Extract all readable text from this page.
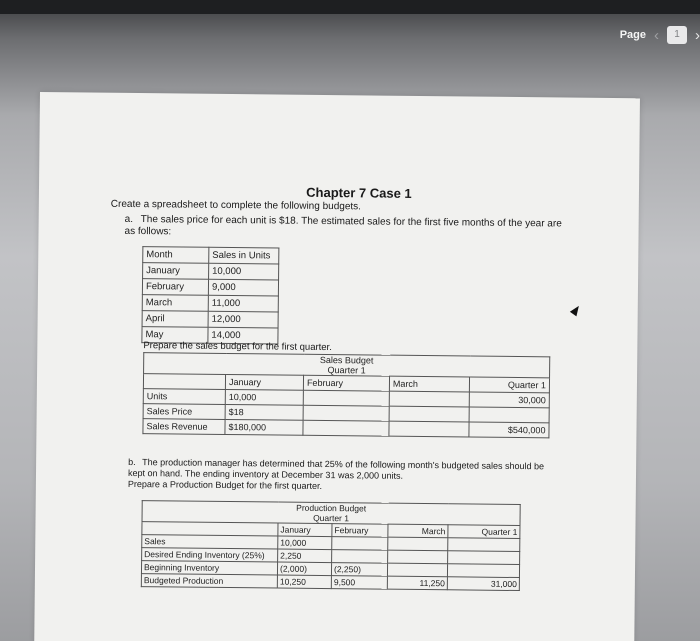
Page ‹	1	›
Chapter 7 Case 1
Create a spreadsheet to complete the following budgets.
a. The sales price for each unit is $18. The estimated sales for the first five months of the year are as follows:
Month	Sales in Units
January	10,000
February	9,000
March	11,000
April	12,000
May	14,000
Prepare the sales budget for the first quarter.
Sales Budget
Quarter 1				
	January	February	March	Quarter 1
Units	10,000			30,000
Sales Price	$18			
Sales Revenue	$180,000			$540,000
b. The production manager has determined that 25% of the following month's budgeted sales should be kept on hand. The ending inventory at December 31 was 2,000 units.
Prepare a Production Budget for the first quarter.
Production Budget
Quarter 1				
	January	February	March	Quarter 1
Sales	10,000			
Desired Ending Inventory (25%)	2,250			
Beginning Inventory	(2,000)	(2,250)		
Budgeted Production	10,250	9,500	11,250	31,000
